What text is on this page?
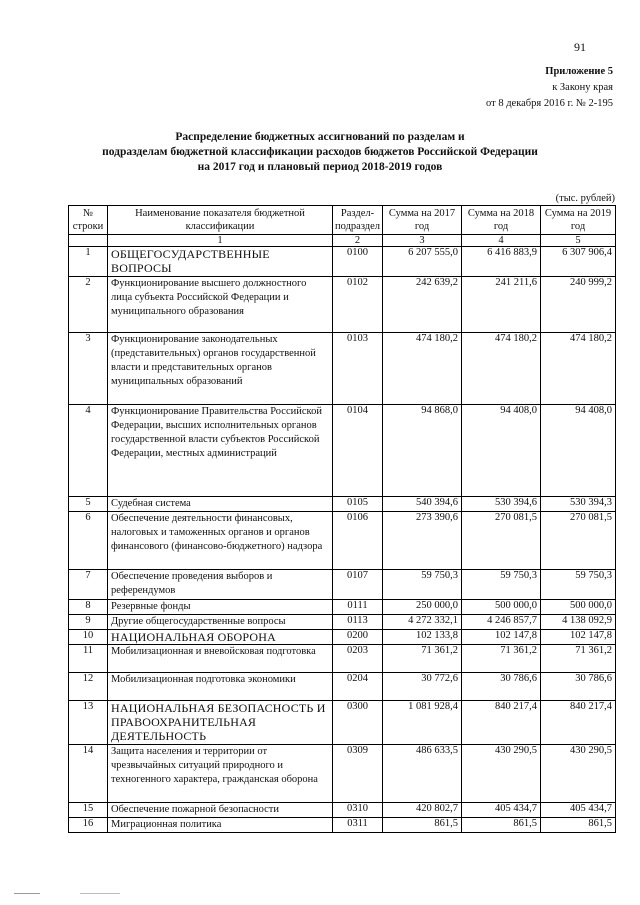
91
Приложение 5
к Закону края
от 8 декабря 2016 г. № 2-195
Распределение бюджетных ассигнований по разделам и
подразделам бюджетной классификации расходов бюджетов Российской Федерации
на 2017 год и плановый период 2018-2019 годов
(тыс. рублей)
№ строки	Наименование показателя бюджетной классификации	Раздел-подраздел	Сумма на 2017 год	Сумма на 2018 год	Сумма на 2019 год
	1	2	3	4	5
1	ОБЩЕГОСУДАРСТВЕННЫЕ ВОПРОСЫ	0100	6 207 555,0	6 416 883,9	6 307 906,4
2	Функционирование высшего должностного лица субъекта Российской Федерации и муниципального образования	0102	242 639,2	241 211,6	240 999,2
3	Функционирование законодательных (представительных) органов государственной власти и представительных органов муниципальных образований	0103	474 180,2	474 180,2	474 180,2
4	Функционирование Правительства Российской Федерации, высших исполнительных органов государственной власти субъектов Российской Федерации, местных администраций	0104	94 868,0	94 408,0	94 408,0
5	Судебная система	0105	540 394,6	530 394,6	530 394,3
6	Обеспечение деятельности финансовых, налоговых и таможенных органов и органов финансового (финансово-бюджетного) надзора	0106	273 390,6	270 081,5	270 081,5
7	Обеспечение проведения выборов и референдумов	0107	59 750,3	59 750,3	59 750,3
8	Резервные фонды	0111	250 000,0	500 000,0	500 000,0
9	Другие общегосударственные вопросы	0113	4 272 332,1	4 246 857,7	4 138 092,9
10	НАЦИОНАЛЬНАЯ ОБОРОНА	0200	102 133,8	102 147,8	102 147,8
11	Мобилизационная и вневойсковая подготовка	0203	71 361,2	71 361,2	71 361,2
12	Мобилизационная подготовка экономики	0204	30 772,6	30 786,6	30 786,6
13	НАЦИОНАЛЬНАЯ БЕЗОПАСНОСТЬ И ПРАВООХРАНИТЕЛЬНАЯ ДЕЯТЕЛЬНОСТЬ	0300	1 081 928,4	840 217,4	840 217,4
14	Защита населения и территории от чрезвычайных ситуаций природного и техногенного характера, гражданская оборона	0309	486 633,5	430 290,5	430 290,5
15	Обеспечение пожарной безопасности	0310	420 802,7	405 434,7	405 434,7
16	Миграционная политика	0311	861,5	861,5	861,5
